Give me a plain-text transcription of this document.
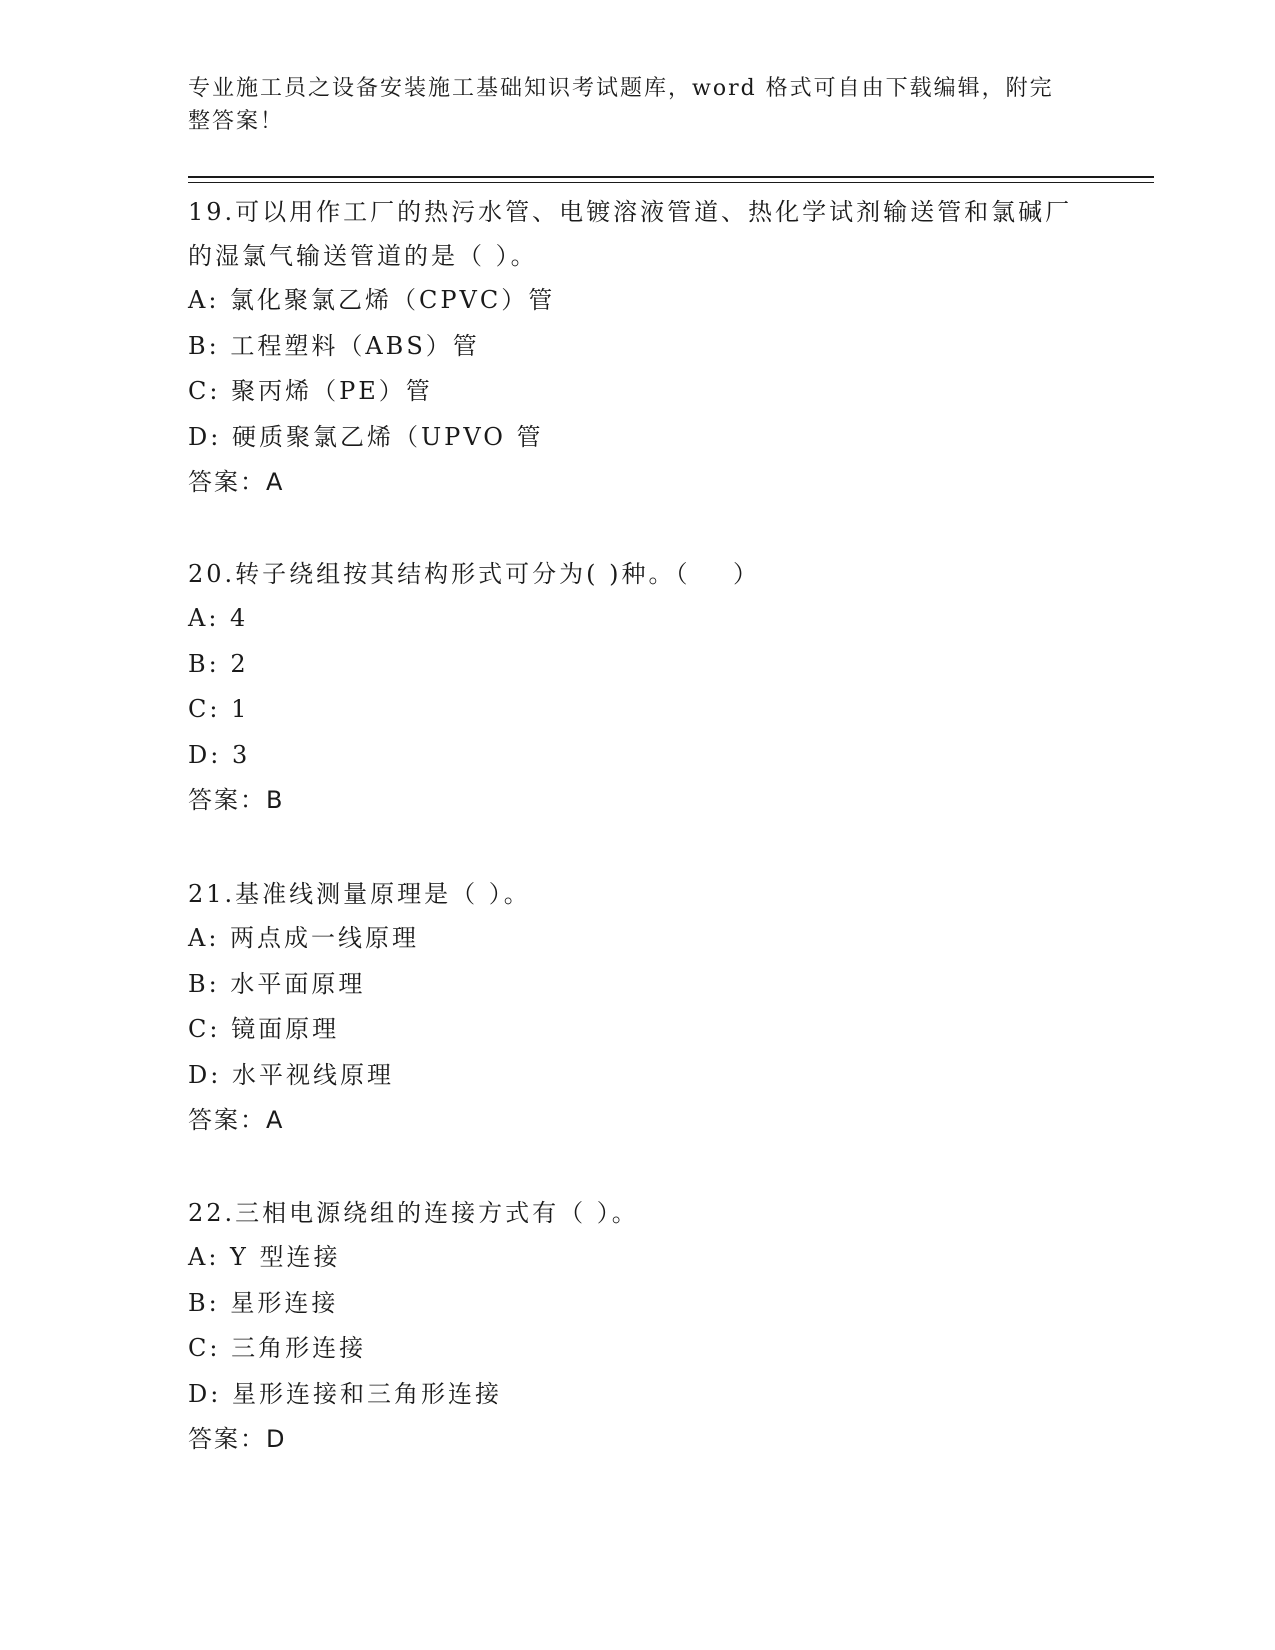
专业施工员之设备安装施工基础知识考试题库，word 格式可自由下载编辑，附完整答案！

19.可以用作工厂的热污水管、电镀溶液管道、热化学试剂输送管和氯碱厂的湿氯气输送管道的是（ ）。

A: 氯化聚氯乙烯（CPVC）管

B: 工程塑料（ABS）管

C: 聚丙烯（PE）管

D: 硬质聚氯乙烯（UPVO 管

答案：A

20.转子绕组按其结构形式可分为( )种。（    ）

A: 4

B: 2

C: 1

D: 3

答案：B

21.基准线测量原理是（ ）。

A: 两点成一线原理

B: 水平面原理

C: 镜面原理

D: 水平视线原理

答案：A

22.三相电源绕组的连接方式有（ ）。

A: Y 型连接

B: 星形连接

C: 三角形连接

D: 星形连接和三角形连接

答案：D
